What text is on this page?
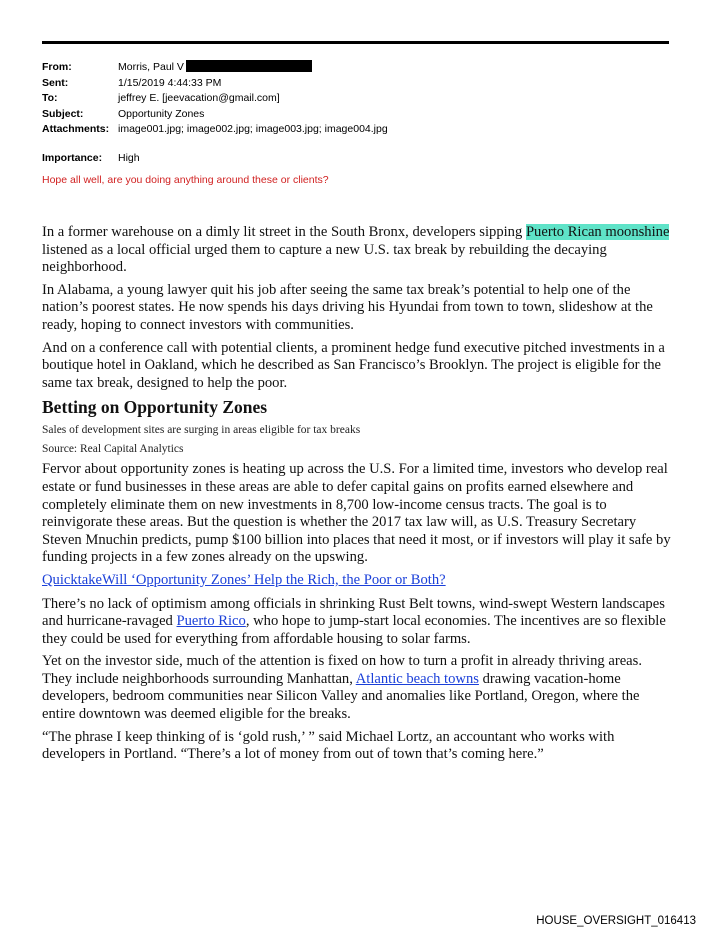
From:	Morris, Paul V
Sent:	1/15/2019 4:44:33 PM
To:	jeffrey E. [jeevacation@gmail.com]
Subject:	Opportunity Zones
Attachments: image001.jpg; image002.jpg; image003.jpg; image004.jpg
Importance:	High
Hope all well, are you doing anything around these or clients?

In a former warehouse on a dimly lit street in the South Bronx, developers sipping Puerto Rican moonshine listened as a local official urged them to capture a new U.S. tax break by rebuilding the decaying neighborhood.

In Alabama, a young lawyer quit his job after seeing the same tax break’s potential to help one of the nation’s poorest states. He now spends his days driving his Hyundai from town to town, slideshow at the ready, hoping to connect investors with communities.

And on a conference call with potential clients, a prominent hedge fund executive pitched investments in a boutique hotel in Oakland, which he described as San Francisco’s Brooklyn. The project is eligible for the same tax break, designed to help the poor.

Betting on Opportunity Zones

Sales of development sites are surging in areas eligible for tax breaks

Source: Real Capital Analytics

Fervor about opportunity zones is heating up across the U.S. For a limited time, investors who develop real estate or fund businesses in these areas are able to defer capital gains on profits earned elsewhere and completely eliminate them on new investments in 8,700 low-income census tracts. The goal is to reinvigorate these areas. But the question is whether the 2017 tax law will, as U.S. Treasury Secretary Steven Mnuchin predicts, pump $100 billion into places that need it most, or if investors will play it safe by funding projects in a few zones already on the upswing.

QuicktakeWill ‘Opportunity Zones’ Help the Rich, the Poor or Both?

There’s no lack of optimism among officials in shrinking Rust Belt towns, wind-swept Western landscapes and hurricane-ravaged Puerto Rico, who hope to jump-start local economies. The incentives are so flexible they could be used for everything from affordable housing to solar farms.

Yet on the investor side, much of the attention is fixed on how to turn a profit in already thriving areas. They include neighborhoods surrounding Manhattan, Atlantic beach towns drawing vacation-home developers, bedroom communities near Silicon Valley and anomalies like Portland, Oregon, where the entire downtown was deemed eligible for the breaks.

“The phrase I keep thinking of is ‘gold rush,’ ” said Michael Lortz, an accountant who works with developers in Portland. “There’s a lot of money from out of town that’s coming here.”

HOUSE_OVERSIGHT_016413
